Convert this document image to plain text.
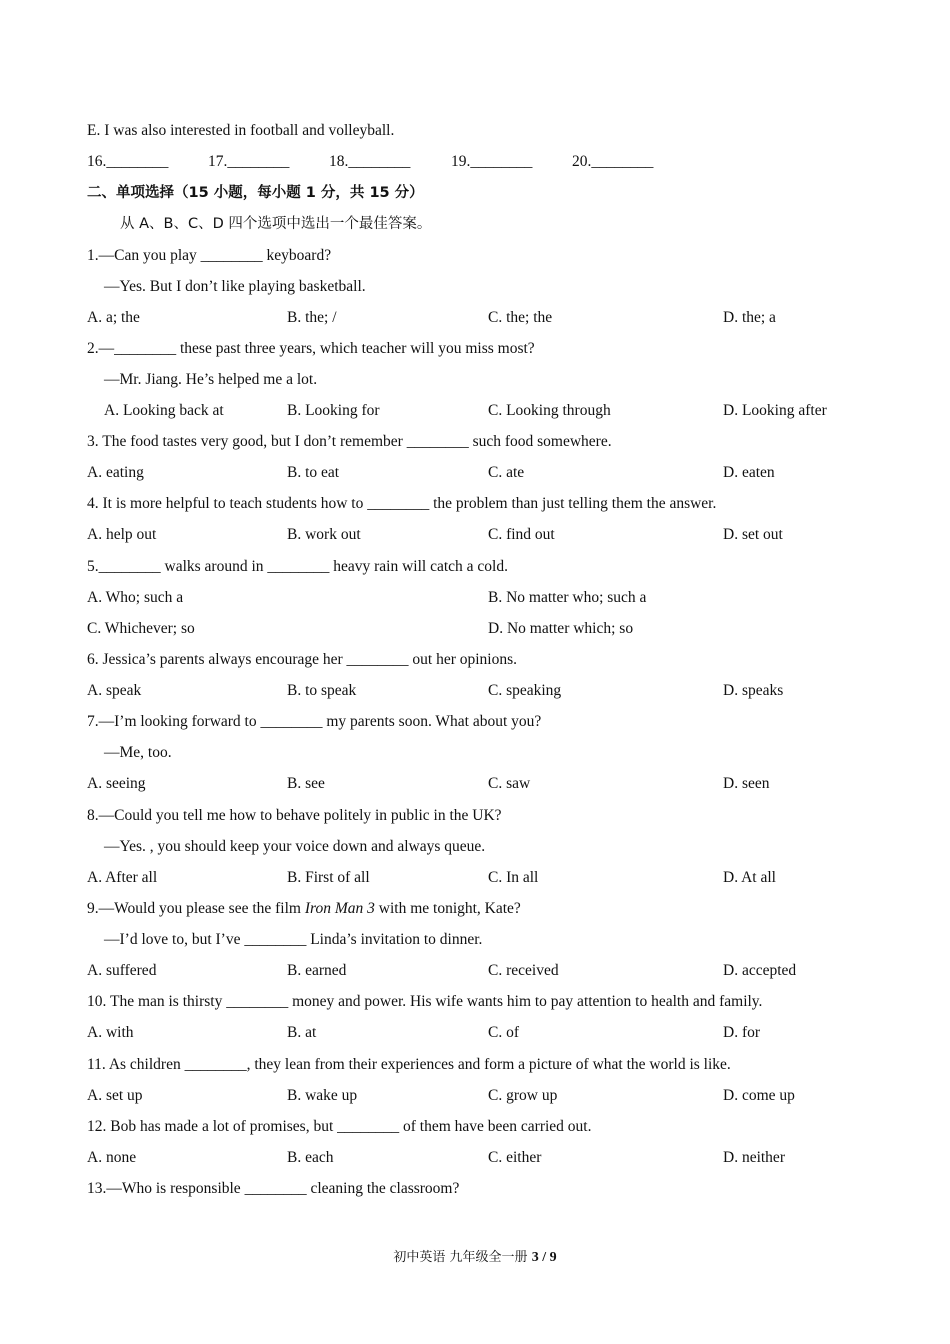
E. I was also interested in football and volleyball.
16.________	17.________	18.________	19.________	20.________
二、单项选择（15 小题，每小题 1 分，共 15 分）
从 A、B、C、D 四个选项中选出一个最佳答案。
1.—Can you play ________ keyboard?
—Yes. But I don’t like playing basketball.
A. a; the	B. the; /	C. the; the	D. the; a
2.—________ these past three years, which teacher will you miss most?
—Mr. Jiang. He’s helped me a lot.
A. Looking back at	B. Looking for	C. Looking through	D. Looking after
3. The food tastes very good, but I don’t remember ________ such food somewhere.
A. eating	B. to eat	C. ate	D. eaten
4. It is more helpful to teach students how to ________ the problem than just telling them the answer.
A. help out	B. work out	C. find out	D. set out
5.________ walks around in ________ heavy rain will catch a cold.
A. Who; such a	B. No matter who; such a
C. Whichever; so	D. No matter which; so
6. Jessica’s parents always encourage her ________ out her opinions.
A. speak	B. to speak	C. speaking	D. speaks
7.—I’m looking forward to ________ my parents soon. What about you?
—Me, too.
A. seeing	B. see	C. saw	D. seen
8.—Could you tell me how to behave politely in public in the UK?
—Yes. , you should keep your voice down and always queue.
A. After all	B. First of all	C. In all	D. At all
9.—Would you please see the film Iron Man 3 with me tonight, Kate?
—I’d love to, but I’ve ________ Linda’s invitation to dinner.
A. suffered	B. earned	C. received	D. accepted
10. The man is thirsty ________ money and power. His wife wants him to pay attention to health and family.
A. with	B. at	C. of	D. for
11. As children ________, they lean from their experiences and form a picture of what the world is like.
A. set up	B. wake up	C. grow up	D. come up
12. Bob has made a lot of promises, but ________ of them have been carried out.
A. none	B. each	C. either	D. neither
13.—Who is responsible ________ cleaning the classroom?
初中英语 九年级全一册 3 / 9
